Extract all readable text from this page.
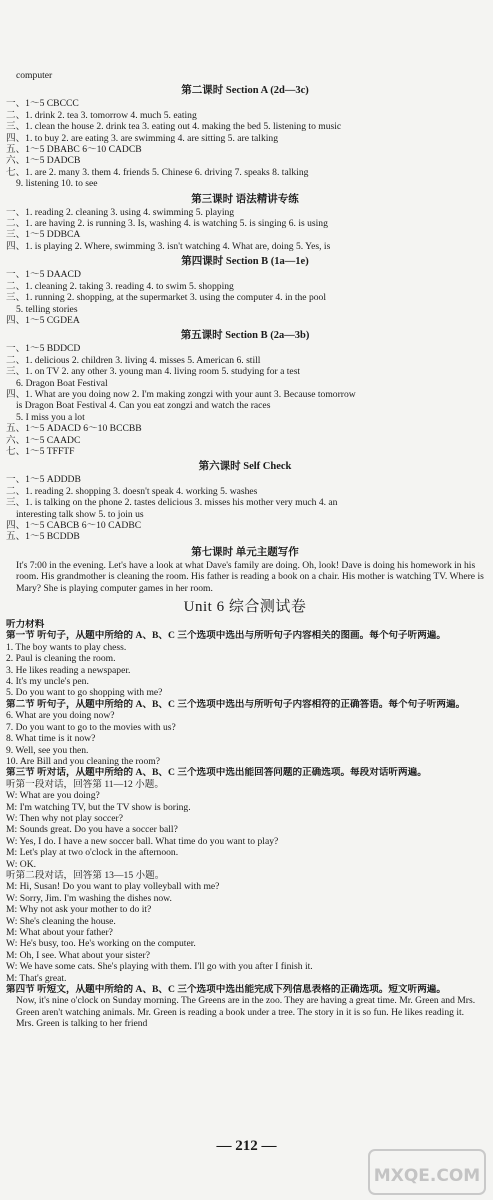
computer
第二课时 Section A (2d—3c)
一、1～5 CBCCC
二、1. drink 2. tea 3. tomorrow 4. much 5. eating
三、1. clean the house 2. drink tea 3. eating out 4. making the bed 5. listening to music
四、1. to buy 2. are eating 3. are swimming 4. are sitting 5. are talking
五、1～5 DBABC 6～10 CADCB
六、1～5 DADCB
七、1. are 2. many 3. them 4. friends 5. Chinese 6. driving 7. speaks 8. talking
9. listening 10. to see
第三课时 语法精讲专练
一、1. reading 2. cleaning 3. using 4. swimming 5. playing
二、1. are having 2. is running 3. Is, washing 4. is watching 5. is singing 6. is using
三、1～5 DDBCA
四、1. is playing 2. Where, swimming 3. isn't watching 4. What are, doing 5. Yes, is
第四课时 Section B (1a—1e)
一、1～5 DAACD
二、1. cleaning 2. taking 3. reading 4. to swim 5. shopping
三、1. running 2. shopping, at the supermarket 3. using the computer 4. in the pool
5. telling stories
四、1～5 CGDEA
第五课时 Section B (2a—3b)
一、1～5 BDDCD
二、1. delicious 2. children 3. living 4. misses 5. American 6. still
三、1. on TV 2. any other 3. young man 4. living room 5. studying for a test
6. Dragon Boat Festival
四、1. What are you doing now 2. I'm making zongzi with your aunt 3. Because tomorrow
is Dragon Boat Festival 4. Can you eat zongzi and watch the races
5. I miss you a lot
五、1～5 ADACD 6～10 BCCBB
六、1～5 CAADC
七、1～5 TFFTF
第六课时 Self Check
一、1～5 ADDDB
二、1. reading 2. shopping 3. doesn't speak 4. working 5. washes
三、1. is talking on the phone 2. tastes delicious 3. misses his mother very much 4. an
interesting talk show 5. to join us
四、1～5 CABCB 6～10 CADBC
五、1～5 BCDDB
第七课时 单元主题写作
It's 7:00 in the evening. Let's have a look at what Dave's family are doing. Oh, look! Dave is doing his homework in his room. His grandmother is cleaning the room. His father is reading a book on a chair. His mother is watching TV. Where is Mary? She is playing computer games in her room.
Unit 6 综合测试卷
听力材料
第一节 听句子，从题中所给的 A、B、C 三个选项中选出与所听句子内容相关的图画。每个句子听两遍。
1. The boy wants to play chess.
2. Paul is cleaning the room.
3. He likes reading a newspaper.
4. It's my uncle's pen.
5. Do you want to go shopping with me?
第二节 听句子，从题中所给的 A、B、C 三个选项中选出与所听句子内容相符的正确答语。每个句子听两遍。
6. What are you doing now?
7. Do you want to go to the movies with us?
8. What time is it now?
9. Well, see you then.
10. Are Bill and you cleaning the room?
第三节 听对话，从题中所给的 A、B、C 三个选项中选出能回答问题的正确选项。每段对话听两遍。
听第一段对话，回答第 11—12 小题。
W: What are you doing?
M: I'm watching TV, but the TV show is boring.
W: Then why not play soccer?
M: Sounds great. Do you have a soccer ball?
W: Yes, I do. I have a new soccer ball. What time do you want to play?
M: Let's play at two o'clock in the afternoon.
W: OK.
听第二段对话，回答第 13—15 小题。
M: Hi, Susan! Do you want to play volleyball with me?
W: Sorry, Jim. I'm washing the dishes now.
M: Why not ask your mother to do it?
W: She's cleaning the house.
M: What about your father?
W: He's busy, too. He's working on the computer.
M: Oh, I see. What about your sister?
W: We have some cats. She's playing with them. I'll go with you after I finish it.
M: That's great.
第四节 听短文，从题中所给的 A、B、C 三个选项中选出能完成下列信息表格的正确选项。短文听两遍。
Now, it's nine o'clock on Sunday morning. The Greens are in the zoo. They are having a great time. Mr. Green and Mrs. Green aren't watching animals. Mr. Green is reading a book under a tree. The story in it is so fun. He likes reading it. Mrs. Green is talking to her friend
— 212 —
MXQE.COM
